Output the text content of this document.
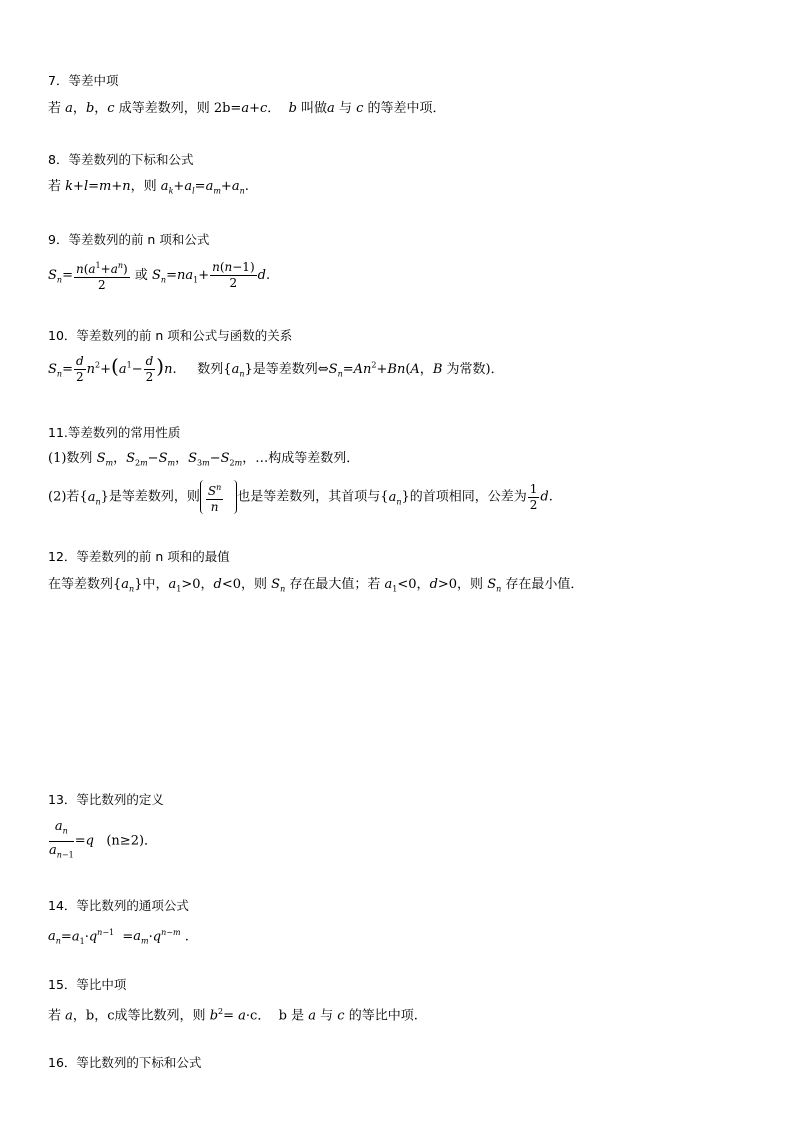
7．等差中项
若 a，b，c 成等差数列，则 2b=a+c． b 叫做a 与 c 的等差中项．
8．等差数列的下标和公式
若 k+l=m+n，则 $a_k+a_l=a_m+a_n$.
9．等差数列的前 n 项和公式
$S_n= \frac{n(a^1+a^n)}{2}$ 或 $S_n=na_1+ \frac{n(n-1)}{2} d$.
10．等差数列的前 n 项和公式与函数的关系
$S_n= \frac{d}{2} n^2+(a^1- \frac{d}{2} )n$.     数列$\{a_n\}$是等差数列$\Leftrightarrow S_n=An^2+Bn(A$，B 为常数)．
11.等差数列的常用性质
(1)数列 $S_m$，$S_{2m}-S_m$，$S_{3m}-S_{2m}$，…构成等差数列．
(2)若$\{a_n\}$是等差数列，则 $\frac{S^n}{n}$ 也是等差数列，其首项与$\{a_n\}$的首项相同，公差为 $\frac{1}{2} d$.
12．等差数列的前 n 项和的最值
在等差数列$\{a_n\}$中，$a_1>0$，d<0，则 $S_n$ 存在最大值；若 $a_1<0$，d>0，则 $S_n$ 存在最小值．
13．等比数列的定义
$\frac{a_n}{a_{n-1}} =q$ (n≥2)．
14．等比数列的通项公式
$a_n=a_1\cdot q^{n-1} =a_m\cdot q^{n-m}$ .
15．等比中项
若 a，b，c成等比数列，则 $b^2= a\cdot c$．  b 是 a 与 c 的等比中项.
16．等比数列的下标和公式
